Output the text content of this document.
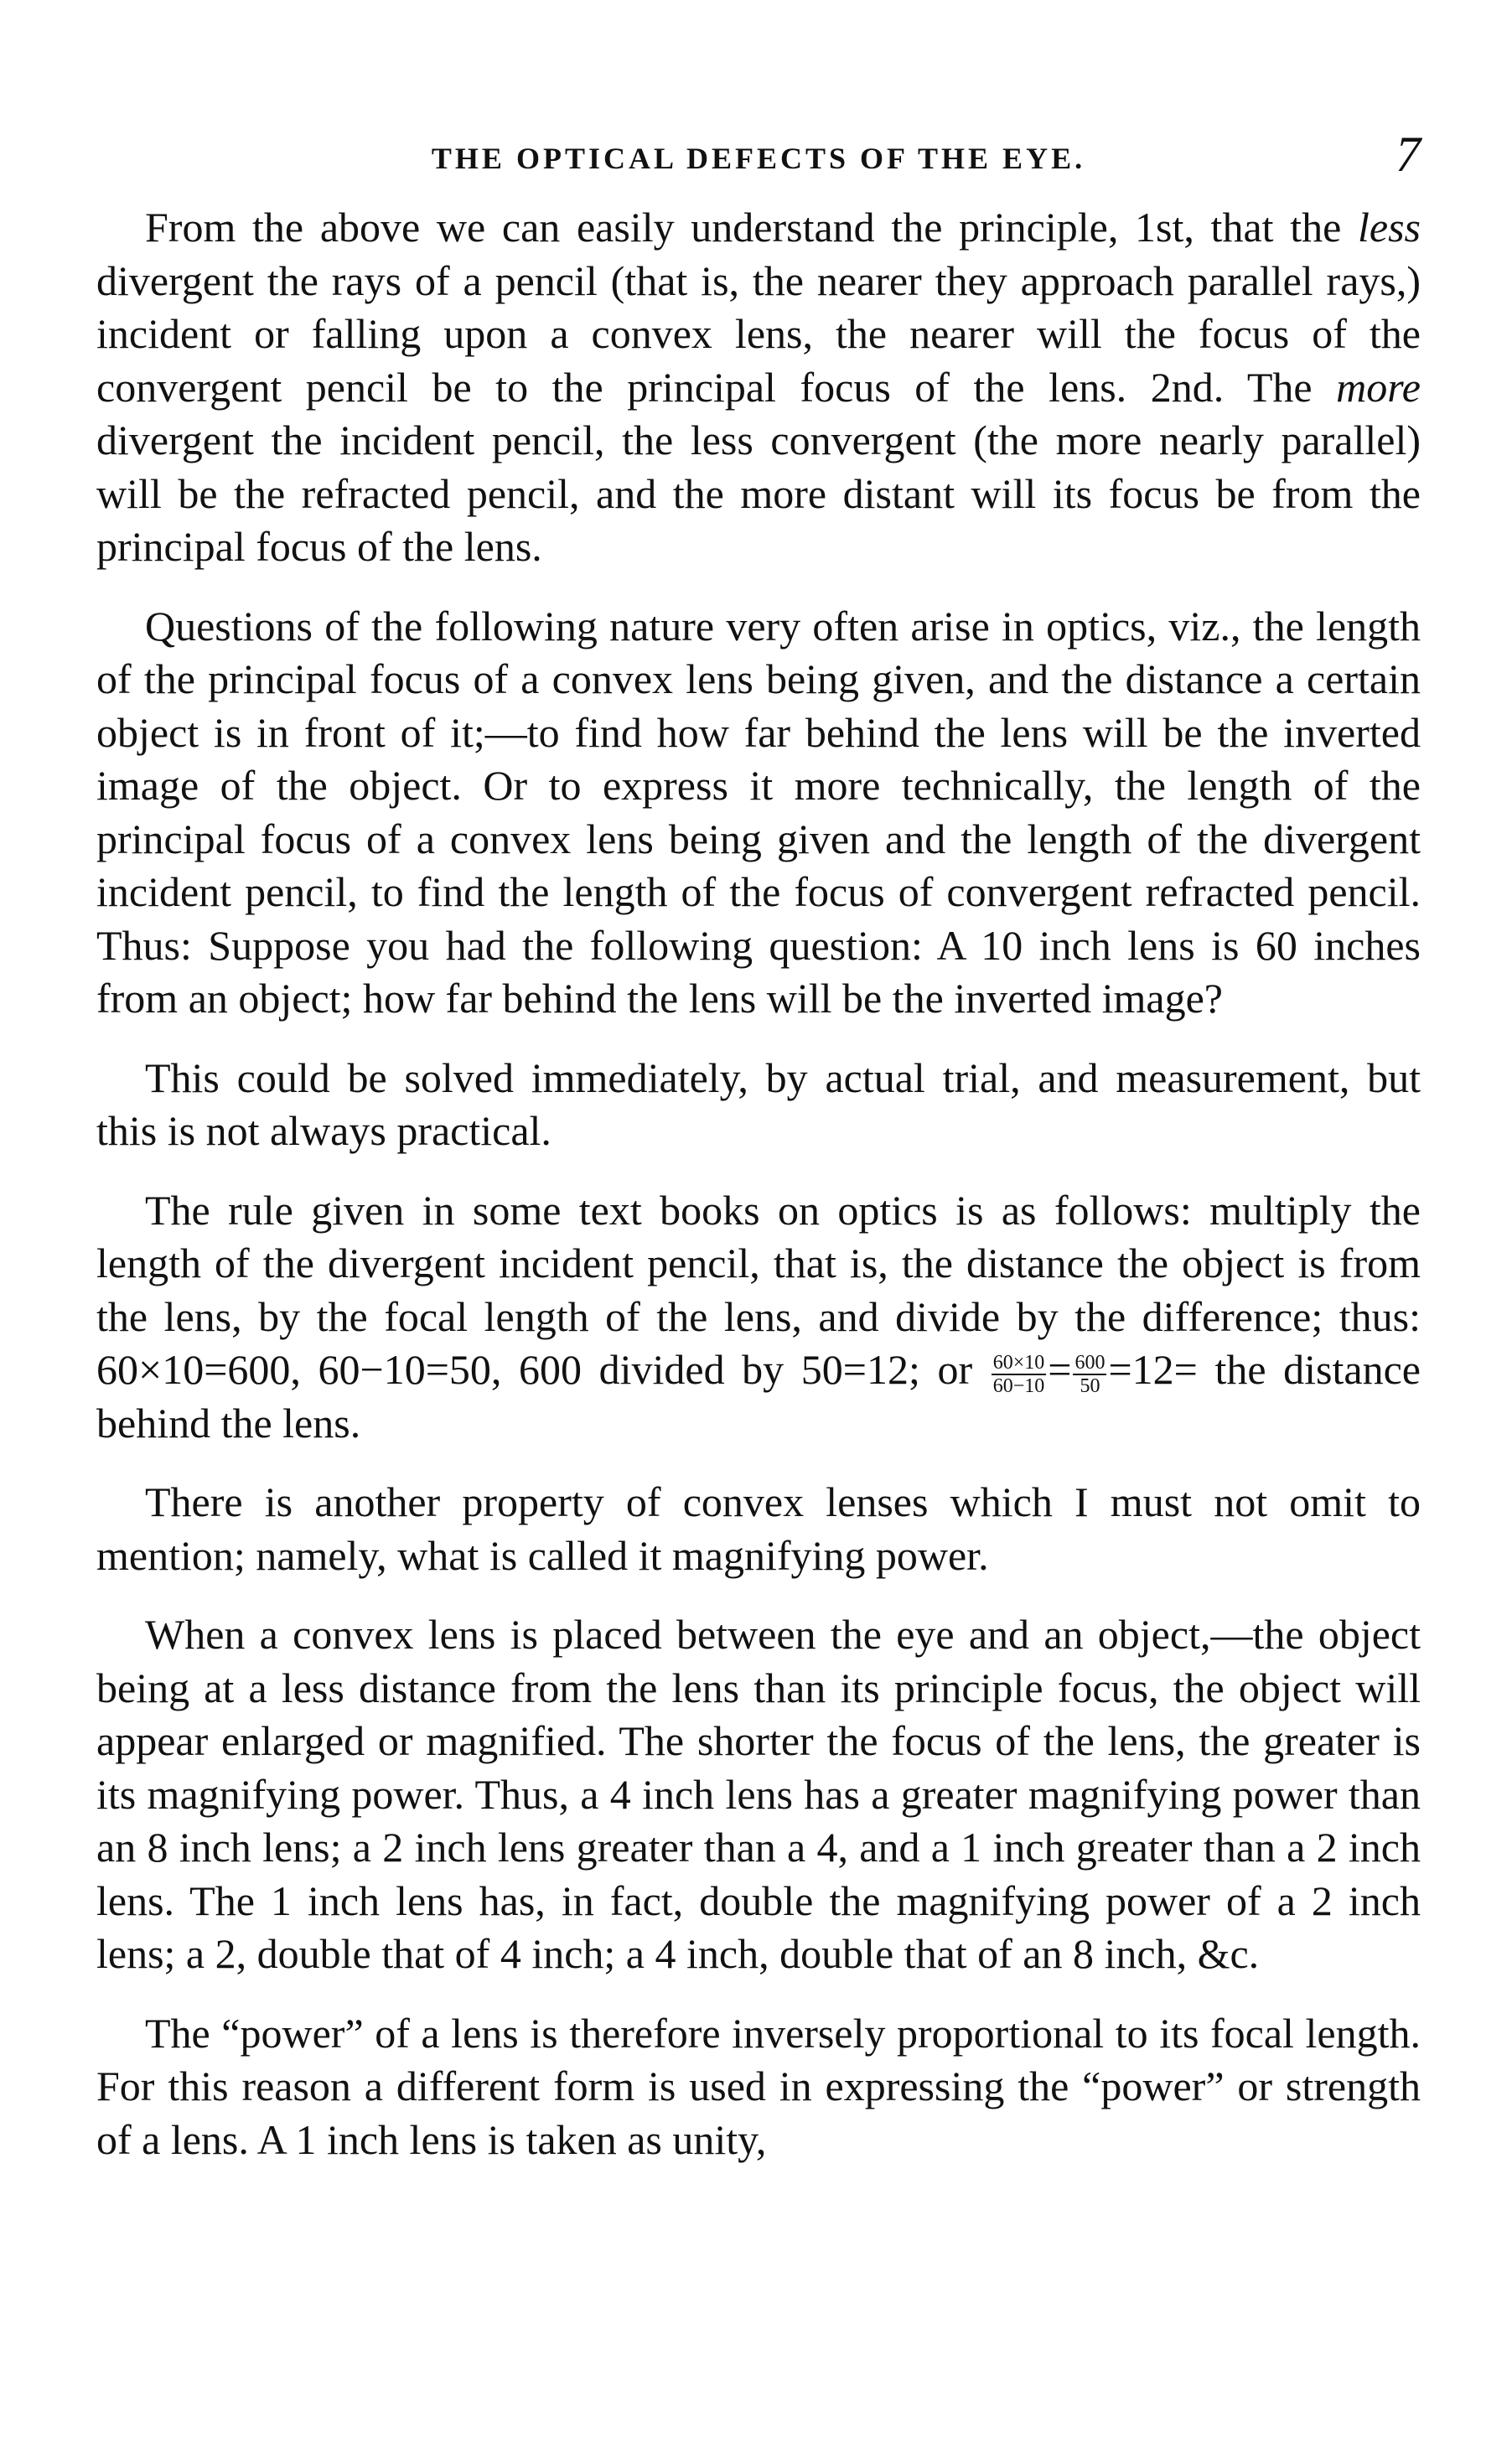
THE OPTICAL DEFECTS OF THE EYE.	7

From the above we can easily understand the principle, 1st, that the less divergent the rays of a pencil (that is, the nearer they approach parallel rays,) incident or falling upon a convex lens, the nearer will the focus of the convergent pencil be to the principal focus of the lens. 2nd. The more divergent the incident pencil, the less convergent (the more nearly parallel) will be the refracted pencil, and the more distant will its focus be from the principal focus of the lens.

Questions of the following nature very often arise in optics, viz., the length of the principal focus of a convex lens being given, and the distance a certain object is in front of it;—to find how far behind the lens will be the inverted image of the object. Or to express it more technically, the length of the principal focus of a convex lens being given and the length of the divergent incident pencil, to find the length of the focus of convergent refracted pencil. Thus: Suppose you had the following question: A 10 inch lens is 60 inches from an object; how far behind the lens will be the inverted image?

This could be solved immediately, by actual trial, and measurement, but this is not always practical.

The rule given in some text books on optics is as follows: multiply the length of the divergent incident pencil, that is, the distance the object is from the lens, by the focal length of the lens, and divide by the difference; thus: 60×10=600, 60−10=50, 600 divided by 50=12; or $\frac{60\times 10}{60-10} = \frac{600}{50} =12=$ the distance behind the lens.

There is another property of convex lenses which I must not omit to mention; namely, what is called it magnifying power.

When a convex lens is placed between the eye and an object,—the object being at a less distance from the lens than its principle focus, the object will appear enlarged or magnified. The shorter the focus of the lens, the greater is its magnifying power. Thus, a 4 inch lens has a greater magnifying power than an 8 inch lens; a 2 inch lens greater than a 4, and a 1 inch greater than a 2 inch lens. The 1 inch lens has, in fact, double the magnifying power of a 2 inch lens; a 2, double that of 4 inch; a 4 inch, double that of an 8 inch, &c.

The “power” of a lens is therefore inversely proportional to its focal length. For this reason a different form is used in expressing the “power” or strength of a lens. A 1 inch lens is taken as unity,
